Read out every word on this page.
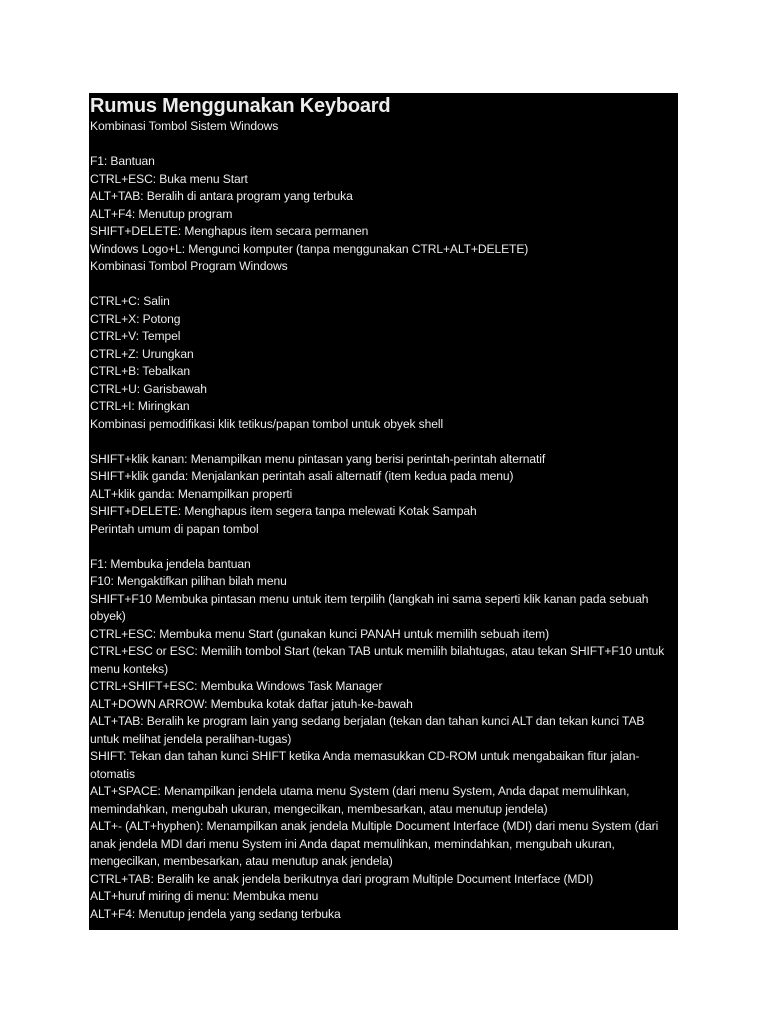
Rumus Menggunakan Keyboard
Kombinasi Tombol Sistem Windows
F1: Bantuan
CTRL+ESC: Buka menu Start
ALT+TAB: Beralih di antara program yang terbuka
ALT+F4: Menutup program
SHIFT+DELETE: Menghapus item secara permanen
Windows Logo+L: Mengunci komputer (tanpa menggunakan CTRL+ALT+DELETE)
Kombinasi Tombol Program Windows
CTRL+C: Salin
CTRL+X: Potong
CTRL+V: Tempel
CTRL+Z: Urungkan
CTRL+B: Tebalkan
CTRL+U: Garisbawah
CTRL+I: Miringkan
Kombinasi pemodifikasi klik tetikus/papan tombol untuk obyek shell
SHIFT+klik kanan: Menampilkan menu pintasan yang berisi perintah-perintah alternatif
SHIFT+klik ganda: Menjalankan perintah asali alternatif (item kedua pada menu)
ALT+klik ganda: Menampilkan properti
SHIFT+DELETE: Menghapus item segera tanpa melewati Kotak Sampah
Perintah umum di papan tombol
F1: Membuka jendela bantuan
F10: Mengaktifkan pilihan bilah menu
SHIFT+F10 Membuka pintasan menu untuk item terpilih (langkah ini sama seperti klik kanan pada sebuah obyek)
CTRL+ESC: Membuka menu Start (gunakan kunci PANAH untuk memilih sebuah item)
CTRL+ESC or ESC: Memilih tombol Start (tekan TAB untuk memilih bilahtugas, atau tekan SHIFT+F10 untuk menu konteks)
CTRL+SHIFT+ESC: Membuka Windows Task Manager
ALT+DOWN ARROW: Membuka kotak daftar jatuh-ke-bawah
ALT+TAB: Beralih ke program lain yang sedang berjalan (tekan dan tahan kunci ALT dan tekan kunci TAB untuk melihat jendela peralihan-tugas)
SHIFT: Tekan dan tahan kunci SHIFT ketika Anda memasukkan CD-ROM untuk mengabaikan fitur jalan-otomatis
ALT+SPACE: Menampilkan jendela utama menu System (dari menu System, Anda dapat memulihkan, memindahkan, mengubah ukuran, mengecilkan, membesarkan, atau menutup jendela)
ALT+- (ALT+hyphen): Menampilkan anak jendela Multiple Document Interface (MDI) dari menu System (dari anak jendela MDI dari menu System ini Anda dapat memulihkan, memindahkan, mengubah ukuran, mengecilkan, membesarkan, atau menutup anak jendela)
CTRL+TAB: Beralih ke anak jendela berikutnya dari program Multiple Document Interface (MDI)
ALT+huruf miring di menu: Membuka menu
ALT+F4: Menutup jendela yang sedang terbuka
